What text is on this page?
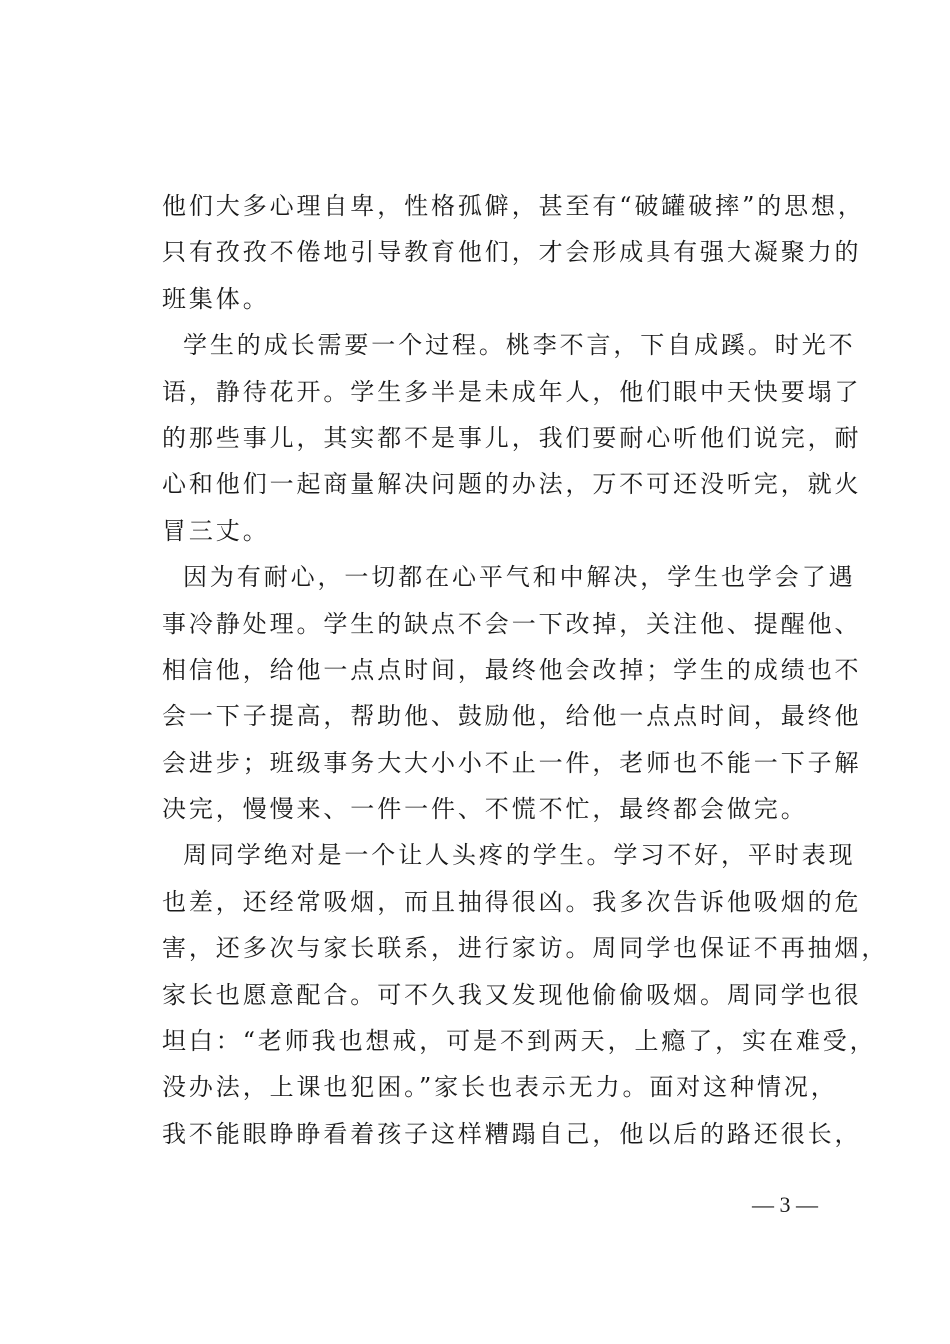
他们大多心理自卑，性格孤僻，甚至有“破罐破摔”的思想，
只有孜孜不倦地引导教育他们，才会形成具有强大凝聚力的
班集体。
学生的成长需要一个过程。桃李不言，下自成蹊。时光不
语，静待花开。学生多半是未成年人，他们眼中天快要塌了
的那些事儿，其实都不是事儿，我们要耐心听他们说完，耐
心和他们一起商量解决问题的办法，万不可还没听完，就火
冒三丈。
因为有耐心，一切都在心平气和中解决，学生也学会了遇
事冷静处理。学生的缺点不会一下改掉，关注他、提醒他、
相信他，给他一点点时间，最终他会改掉；学生的成绩也不
会一下子提高，帮助他、鼓励他，给他一点点时间，最终他
会进步；班级事务大大小小不止一件，老师也不能一下子解
决完，慢慢来、一件一件、不慌不忙，最终都会做完。
周同学绝对是一个让人头疼的学生。学习不好，平时表现
也差，还经常吸烟，而且抽得很凶。我多次告诉他吸烟的危
害，还多次与家长联系，进行家访。周同学也保证不再抽烟，
家长也愿意配合。可不久我又发现他偷偷吸烟。周同学也很
坦白：“老师我也想戒，可是不到两天，上瘾了，实在难受，
没办法，上课也犯困。”家长也表示无力。面对这种情况，
我不能眼睁睁看着孩子这样糟蹋自己，他以后的路还很长，
— 3 —
